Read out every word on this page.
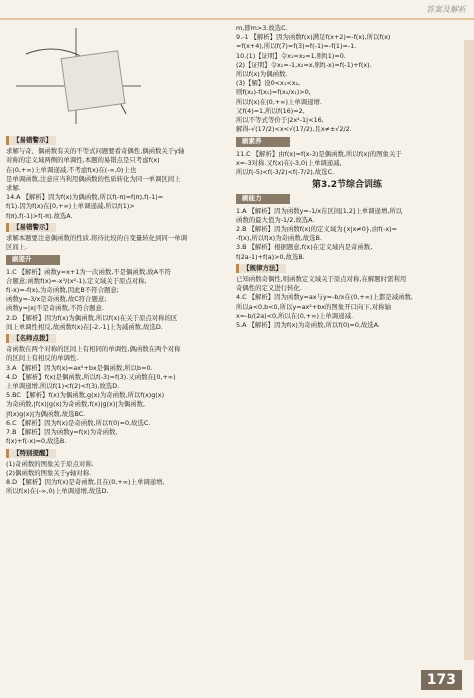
答案及解析
【易错警示】
求解与奇、偶函数有关的不等式问题要看奇偶性,偶函数关于y轴
对称的定义域两侧的单调性,本题的易错点是只考虑f(x)
在(0,+∞)上单调递减,不考虑f(x)在(-∞,0)上也
是单调函数,注意应当利用偶函数的性质转化为同一单调区间上
求解.
14.A 【解析】因为f(x)为偶函数,所以f(-π)=f(π),f(-1)=
f(1).因为f(x)在[0,+∞)上单调递减,所以f(1)>
f(π),f(-1)>f(-π).故选A.
【易错警示】
求解本题要注意偶函数的性质,将待比较的自变量转化到同一单调
区间上.
刷提升
1.C 【解析】函数y=x+1为一次函数,不是偶函数,故A不符
合题意;函数f(x)=-x³/(x²-1),定义域关于原点对称,
f(-x)=-f(x),为奇函数,因此B不符合题意;
函数y=-3/x是奇函数,故C符合题意;
函数y=|x|不是奇函数,不符合题意.
2.D 【解析】因为f(x)为偶函数,所以f(x)在关于原点对称的区
间上单调性相反,故函数f(x)在[-2,-1]上为减函数,故选D.
【名师点拨】
奇函数在两个对称的区间上有相同的单调性,偶函数在两个对称
的区间上有相反的单调性.
3.A 【解析】因为f(x)=ax²+bx是偶函数,所以b=0.
4.D 【解析】f(x)是偶函数,所以f(-3)=f(3).又函数在[0,+∞)
上单调递增,所以f(1)<f(2)<f(3),故选D.
5.BC 【解析】f(x)为偶函数,g(x)为奇函数,所以f(x)g(x)
为奇函数,|f(x)|g(x)为奇函数,f(x)|g(x)|为偶函数,
|f(x)g(x)|为偶函数,故选BC.
6.C 【解析】因为f(x)是奇函数,所以f(0)=0,故选C.
7.B 【解析】因为函数y=f(x)为奇函数,
f(x)+f(-x)=0,故选B.
【特别提醒】
(1)奇函数的图象关于原点对称.
(2)偶函数的图象关于y轴对称.
8.D 【解析】因为f(x)是奇函数,且在(0,+∞)上单调递增,
所以f(x)在(-∞,0)上单调递增,故选D.
m,即m>3.故选C.
9.-1 【解析】因为函数f(x)满足f(x+2)=-f(x),所以f(x)
=f(x+4),所以f(7)=f(3)=f(-1)=-f(1)=-1.
10.(1)【证明】令x₁=x₂=1,则f(1)=0.
(2)【证明】令x₁=-1,x₂=x,则f(-x)=f(-1)+f(x).
所以f(x)为偶函数.
(3)【解】设0<x₁<x₂,
则f(x₂)-f(x₁)=f(x₂/x₁)>0,
所以f(x)在(0,+∞)上单调递增.
又f(4)=1,所以f(16)=2,
所以不等式等价于|2x²-1|<16,
解得-√(17/2)<x<√(17/2),且x≠±√2/2.
刷素养
11.C 【解析】由f(x)=f(x-3)是偶函数,所以f(x)的图象关于
x=-3对称.又f(x)在(-3,0)上单调递减,
所以f(-5)<f(-3/2)<f(-7/2),故选C.
第3.2节综合训练
刷能力
1.A 【解析】因为函数y=-1/x在区间[1,2]上单调递增,所以
函数的最大值为-1/2,故选A.
2.B 【解析】因为函数f(x)的定义域为{x|x≠0},由f(-x)=
-f(x),所以f(x)为奇函数,故选B.
3.B 【解析】根据题意,f(x)在定义域内是奇函数,
f(2a-1)+f(a)>0,故选B.
【规律方法】
已知函数奇偶性,则函数定义域关于原点对称,在解题时需利用
奇偶性的定义进行转化.
4.C 【解析】因为函数y=ax与y=-b/x在(0,+∞)上都是减函数,
所以a<0,b<0,所以y=ax²+bx的图象开口向下,对称轴
x=-b/(2a)<0,所以在(0,+∞)上单调递减.
5.A 【解析】因为f(x)为奇函数,所以f(0)=0,故选A.
173
